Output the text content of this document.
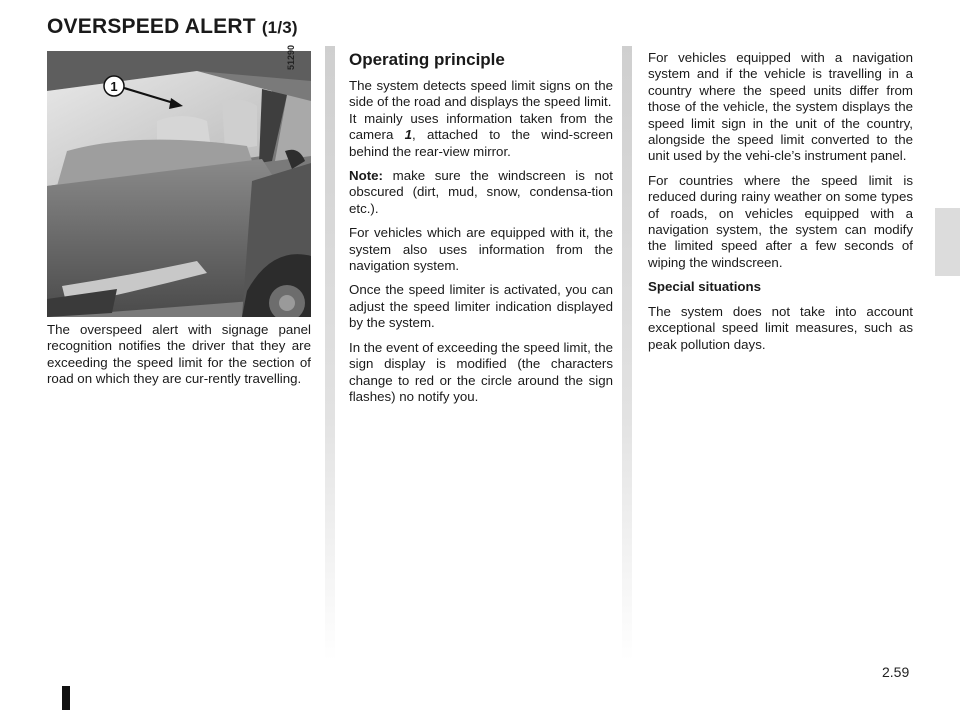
OVERSPEED ALERT (1/3)
1
51290

The overspeed alert with signage panel recognition notifies the driver that they are exceeding the speed limit for the section of road on which they are cur-rently travelling.

Operating principle

The system detects speed limit signs on the side of the road and displays the speed limit.
It mainly uses information taken from the camera 1, attached to the wind-screen behind the rear-view mirror.

Note: make sure the windscreen is not obscured (dirt, mud, snow, condensa-tion etc.).

For vehicles which are equipped with it, the system also uses information from the navigation system.

Once the speed limiter is activated, you can adjust the speed limiter indication displayed by the system.

In the event of exceeding the speed limit, the sign display is modified (the characters change to red or the circle around the sign flashes) no notify you.

For vehicles equipped with a navigation system and if the vehicle is travelling in a country where the speed units differ from those of the vehicle, the system displays the speed limit sign in the unit of the country, alongside the speed limit converted to the unit used by the vehi-cle’s instrument panel.

For countries where the speed limit is reduced during rainy weather on some types of roads, on vehicles equipped with a navigation system, the system can modify the limited speed after a few seconds of wiping the windscreen.

Special situations

The system does not take into account exceptional speed limit measures, such as peak pollution days.

2.59
